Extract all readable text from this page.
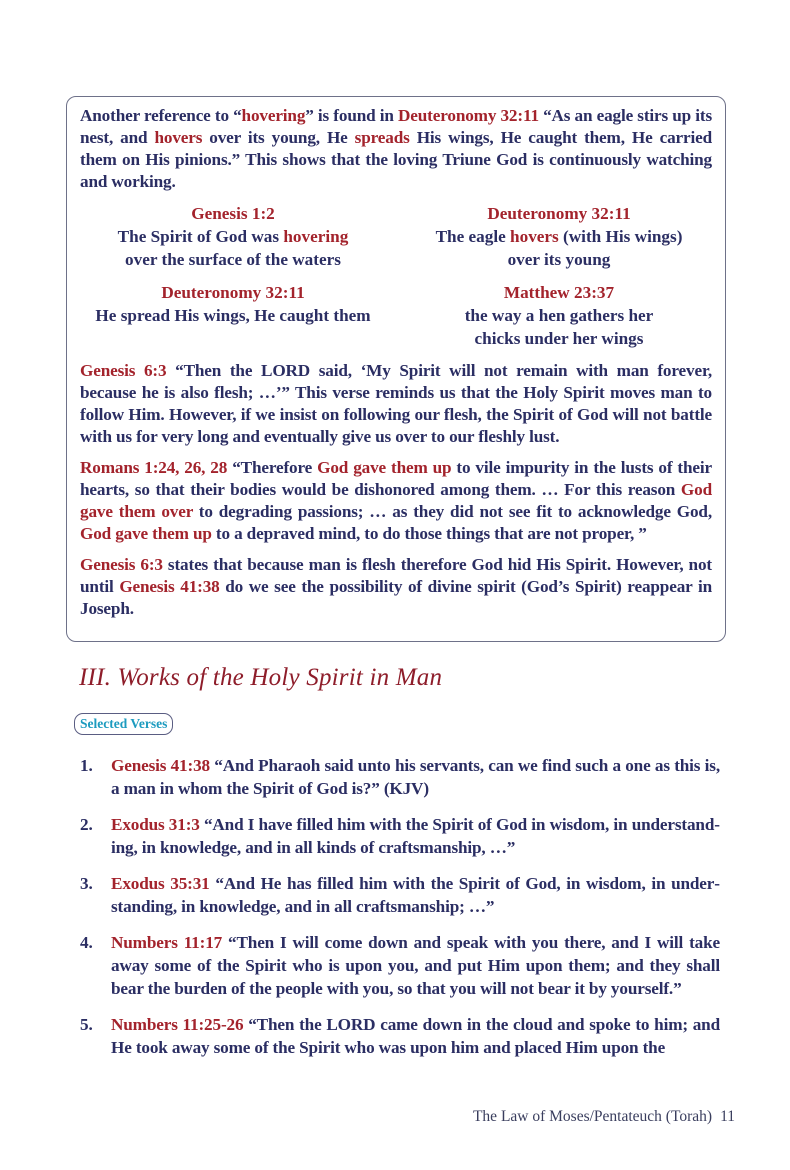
Another reference to “hovering” is found in Deuteronomy 32:11 “As an eagle stirs up its nest, and hovers over its young, He spreads His wings, He caught them, He carried them on His pinions.” This shows that the loving Triune God is continuously watching and working.

Genesis 1:2
The Spirit of God was hovering
over the surface of the waters
Deuteronomy 32:11
The eagle hovers (with His wings)
over its young
Deuteronomy 32:11
He spread His wings, He caught them
Matthew 23:37
the way a hen gathers her
chicks under her wings

Genesis 6:3 “Then the LORD said, ‘My Spirit will not remain with man forever, because he is also flesh; …’” This verse reminds us that the Holy Spirit moves man to follow Him. However, if we insist on following our flesh, the Spirit of God will not battle with us for very long and eventually give us over to our fleshly lust.

Romans 1:24, 26, 28 “Therefore God gave them up to vile impurity in the lusts of their hearts, so that their bodies would be dishonored among them. … For this reason God gave them over to degrading passions; … as they did not see fit to acknowledge God, God gave them up to a depraved mind, to do those things that are not proper, ”

Genesis 6:3 states that because man is flesh therefore God hid His Spirit. However, not until Genesis 41:38 do we see the possibility of divine spirit (God’s Spirit) reappear in Joseph.

III. Works of the Holy Spirit in Man
Selected Verses
1. Genesis 41:38 “And Pharaoh said unto his servants, can we find such a one as this is, a man in whom the Spirit of God is?” (KJV)
2. Exodus 31:3 “And I have filled him with the Spirit of God in wisdom, in understanding, in knowledge, and in all kinds of craftsmanship, …”
3. Exodus 35:31 “And He has filled him with the Spirit of God, in wisdom, in understanding, in knowledge, and in all craftsmanship; …”
4. Numbers 11:17 “Then I will come down and speak with you there, and I will take away some of the Spirit who is upon you, and put Him upon them; and they shall bear the burden of the people with you, so that you will not bear it by yourself.”
5. Numbers 11:25-26 “Then the LORD came down in the cloud and spoke to him; and He took away some of the Spirit who was upon him and placed Him upon the
The Law of Moses/Pentateuch (Torah) 11
